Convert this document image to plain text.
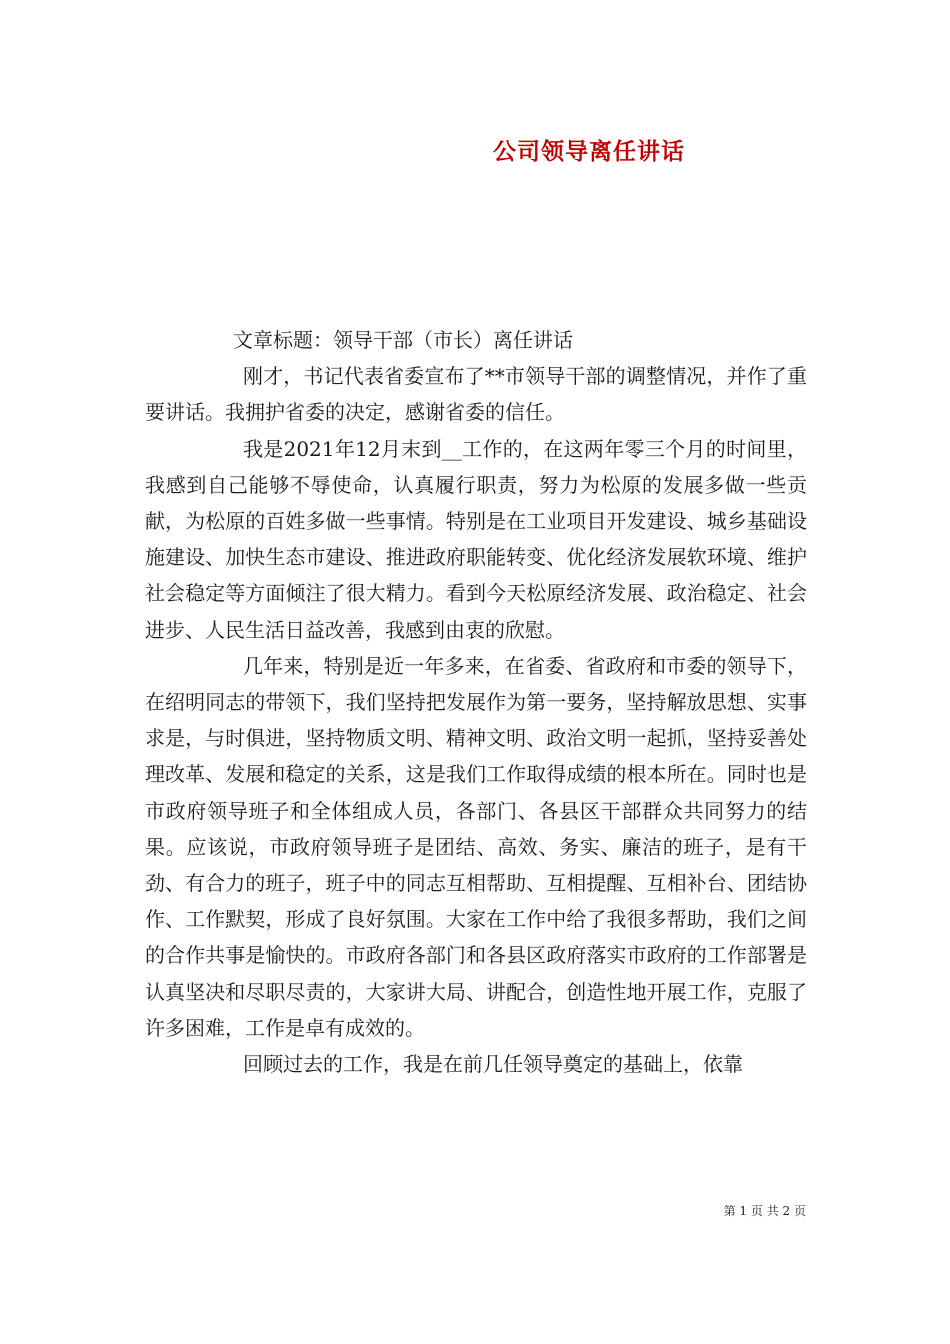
公司领导离任讲话

文章标题：领导干部（市长）离任讲话

刚才，书记代表省委宣布了**市领导干部的调整情况，并作了重要讲话。我拥护省委的决定，感谢省委的信任。

我是2021年12月末到__工作的，在这两年零三个月的时间里，我感到自己能够不辱使命，认真履行职责，努力为松原的发展多做一些贡献，为松原的百姓多做一些事情。特别是在工业项目开发建设、城乡基础设施建设、加快生态市建设、推进政府职能转变、优化经济发展软环境、维护社会稳定等方面倾注了很大精力。看到今天松原经济发展、政治稳定、社会进步、人民生活日益改善，我感到由衷的欣慰。

几年来，特别是近一年多来，在省委、省政府和市委的领导下，在绍明同志的带领下，我们坚持把发展作为第一要务，坚持解放思想、实事求是，与时俱进，坚持物质文明、精神文明、政治文明一起抓，坚持妥善处理改革、发展和稳定的关系，这是我们工作取得成绩的根本所在。同时也是市政府领导班子和全体组成人员，各部门、各县区干部群众共同努力的结果。应该说，市政府领导班子是团结、高效、务实、廉洁的班子，是有干劲、有合力的班子，班子中的同志互相帮助、互相提醒、互相补台、团结协作、工作默契，形成了良好氛围。大家在工作中给了我很多帮助，我们之间的合作共事是愉快的。市政府各部门和各县区政府落实市政府的工作部署是认真坚决和尽职尽责的，大家讲大局、讲配合，创造性地开展工作，克服了许多困难，工作是卓有成效的。

回顾过去的工作，我是在前几任领导奠定的基础上，依靠

第 1 页 共 2 页
